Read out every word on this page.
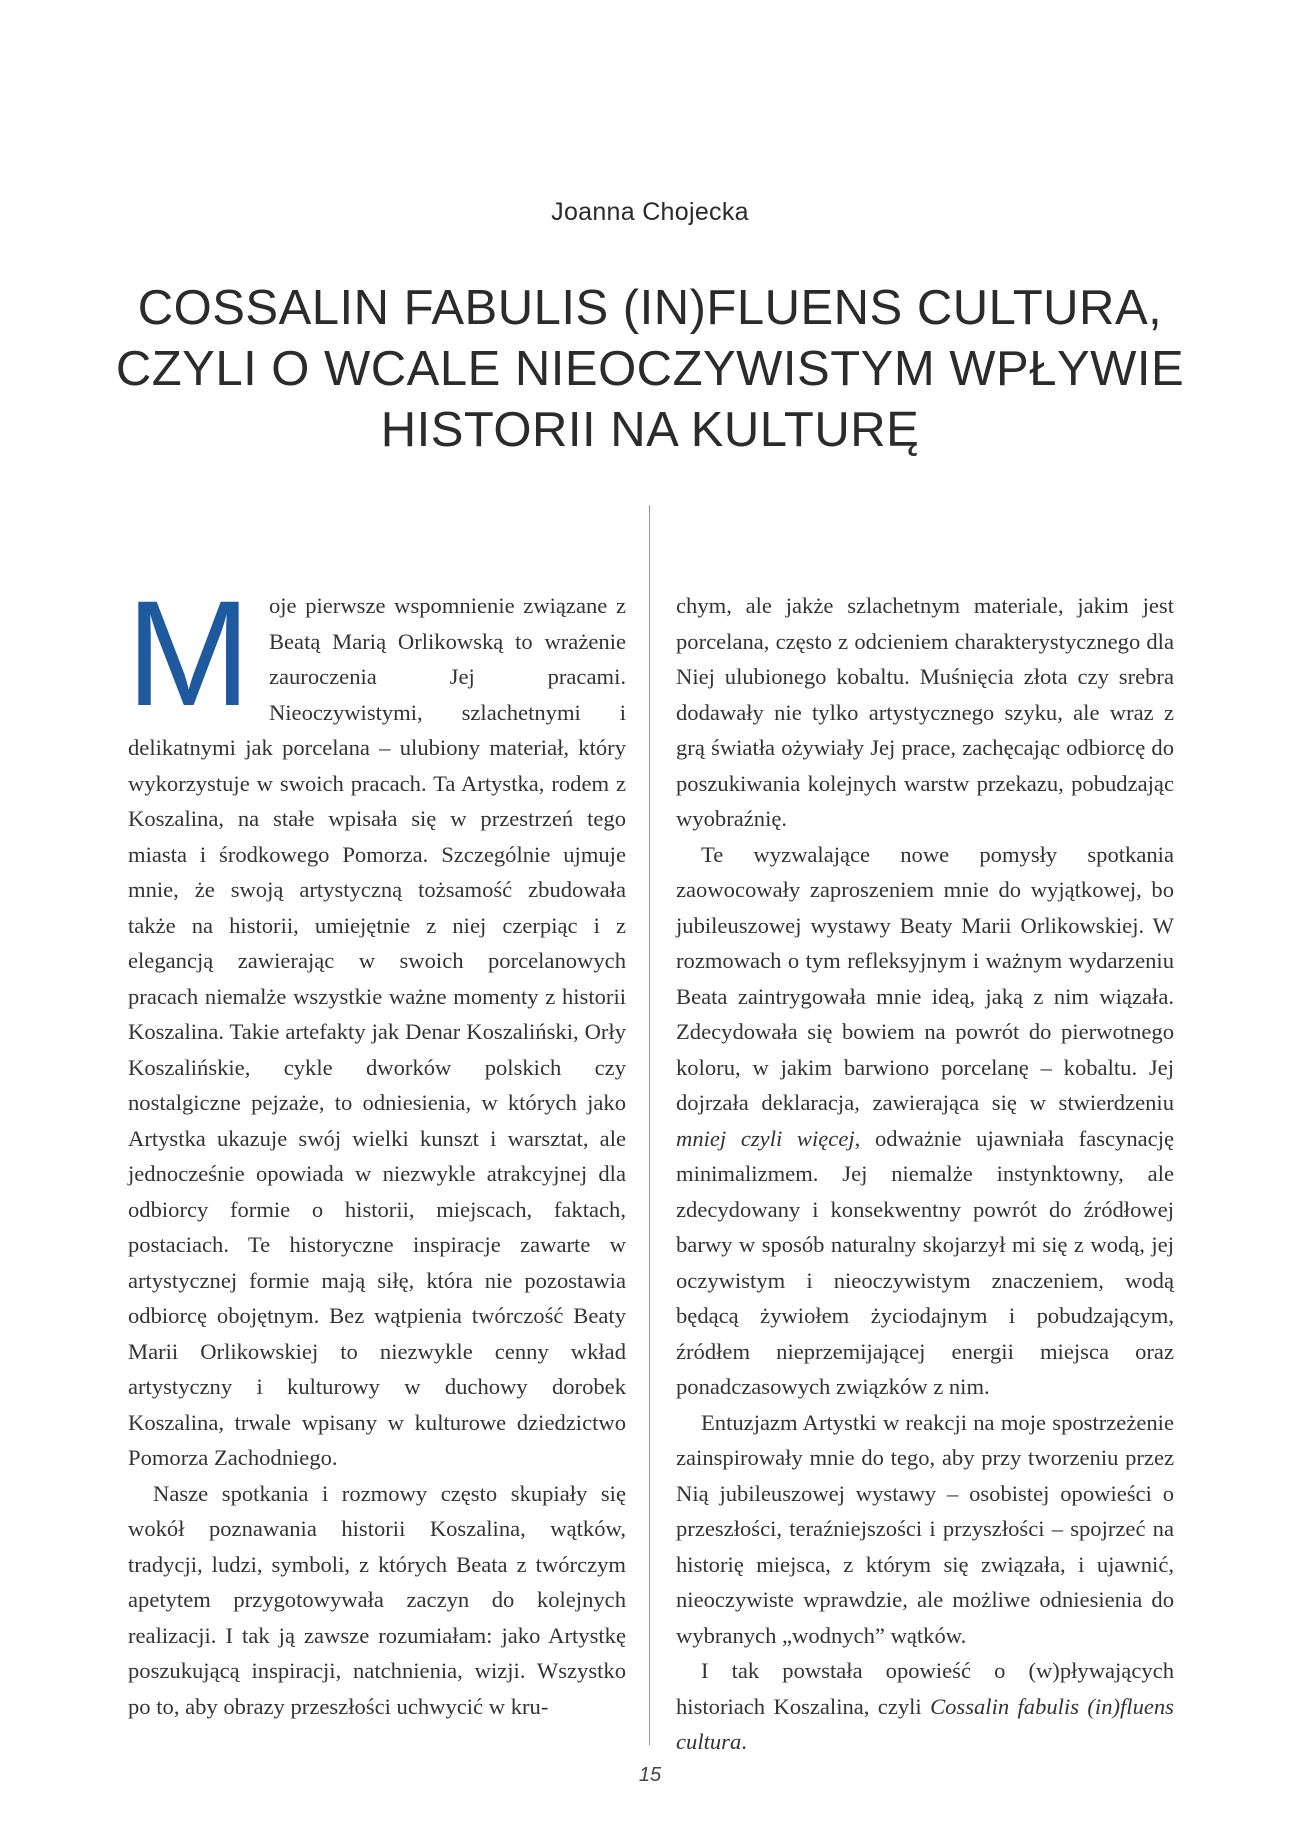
Joanna Chojecka
COSSALIN FABULIS (IN)FLUENS CULTURA,
CZYLI O WCALE NIEOCZYWISTYM WPŁYWIE
HISTORII NA KULTURĘ

Moje pierwsze wspomnienie związane z Beatą Marią Orlikowską to wrażenie zauroczenia Jej pracami. Nieoczywistymi, szlachetnymi i delikatnymi jak porcelana – ulubiony materiał, który wykorzystuje w swoich pracach. Ta Artystka, rodem z Koszalina, na stałe wpisała się w przestrzeń tego miasta i środkowego Pomorza. Szczególnie ujmuje mnie, że swoją artystyczną tożsamość zbudowała także na historii, umiejętnie z niej czerpiąc i z elegancją zawierając w swoich porcelanowych pracach niemalże wszystkie ważne momenty z historii Koszalina. Takie artefakty jak Denar Koszaliński, Orły Koszalińskie, cykle dworków polskich czy nostalgiczne pejzaże, to odniesienia, w których jako Artystka ukazuje swój wielki kunszt i warsztat, ale jednocześnie opowiada w niezwykle atrakcyjnej dla odbiorcy formie o historii, miejscach, faktach, postaciach. Te historyczne inspiracje zawarte w artystycznej formie mają siłę, która nie pozostawia odbiorcę obojętnym. Bez wątpienia twórczość Beaty Marii Orlikowskiej to niezwykle cenny wkład artystyczny i kulturowy w duchowy dorobek Koszalina, trwale wpisany w kulturowe dziedzictwo Pomorza Zachodniego.

Nasze spotkania i rozmowy często skupiały się wokół poznawania historii Koszalina, wątków, tradycji, ludzi, symboli, z których Beata z twórczym apetytem przygotowywała zaczyn do kolejnych realizacji. I tak ją zawsze rozumiałam: jako Artystkę poszukującą inspiracji, natchnienia, wizji. Wszystko po to, aby obrazy przeszłości uchwycić w kru-

chym, ale jakże szlachetnym materiale, jakim jest porcelana, często z odcieniem charakterystycznego dla Niej ulubionego kobaltu. Muśnięcia złota czy srebra dodawały nie tylko artystycznego szyku, ale wraz z grą światła ożywiały Jej prace, zachęcając odbiorcę do poszukiwania kolejnych warstw przekazu, pobudzając wyobraźnię.

Te wyzwalające nowe pomysły spotkania zaowocowały zaproszeniem mnie do wyjątkowej, bo jubileuszowej wystawy Beaty Marii Orlikowskiej. W rozmowach o tym refleksyjnym i ważnym wydarzeniu Beata zaintrygowała mnie ideą, jaką z nim wiązała. Zdecydowała się bowiem na powrót do pierwotnego koloru, w jakim barwiono porcelanę – kobaltu. Jej dojrzała deklaracja, zawierająca się w stwierdzeniu mniej czyli więcej, odważnie ujawniała fascynację minimalizmem. Jej niemalże instynktowny, ale zdecydowany i konsekwentny powrót do źródłowej barwy w sposób naturalny skojarzył mi się z wodą, jej oczywistym i nieoczywistym znaczeniem, wodą będącą żywiołem życiodajnym i pobudzającym, źródłem nieprzemijającej energii miejsca oraz ponadczasowych związków z nim.

Entuzjazm Artystki w reakcji na moje spostrzeżenie zainspirowały mnie do tego, aby przy tworzeniu przez Nią jubileuszowej wystawy – osobistej opowieści o przeszłości, teraźniejszości i przyszłości – spojrzeć na historię miejsca, z którym się związała, i ujawnić, nieoczywiste wprawdzie, ale możliwe odniesienia do wybranych „wodnych” wątków.

I tak powstała opowieść o (w)pływających historiach Koszalina, czyli Cossalin fabulis (in)fluens cultura.

15
